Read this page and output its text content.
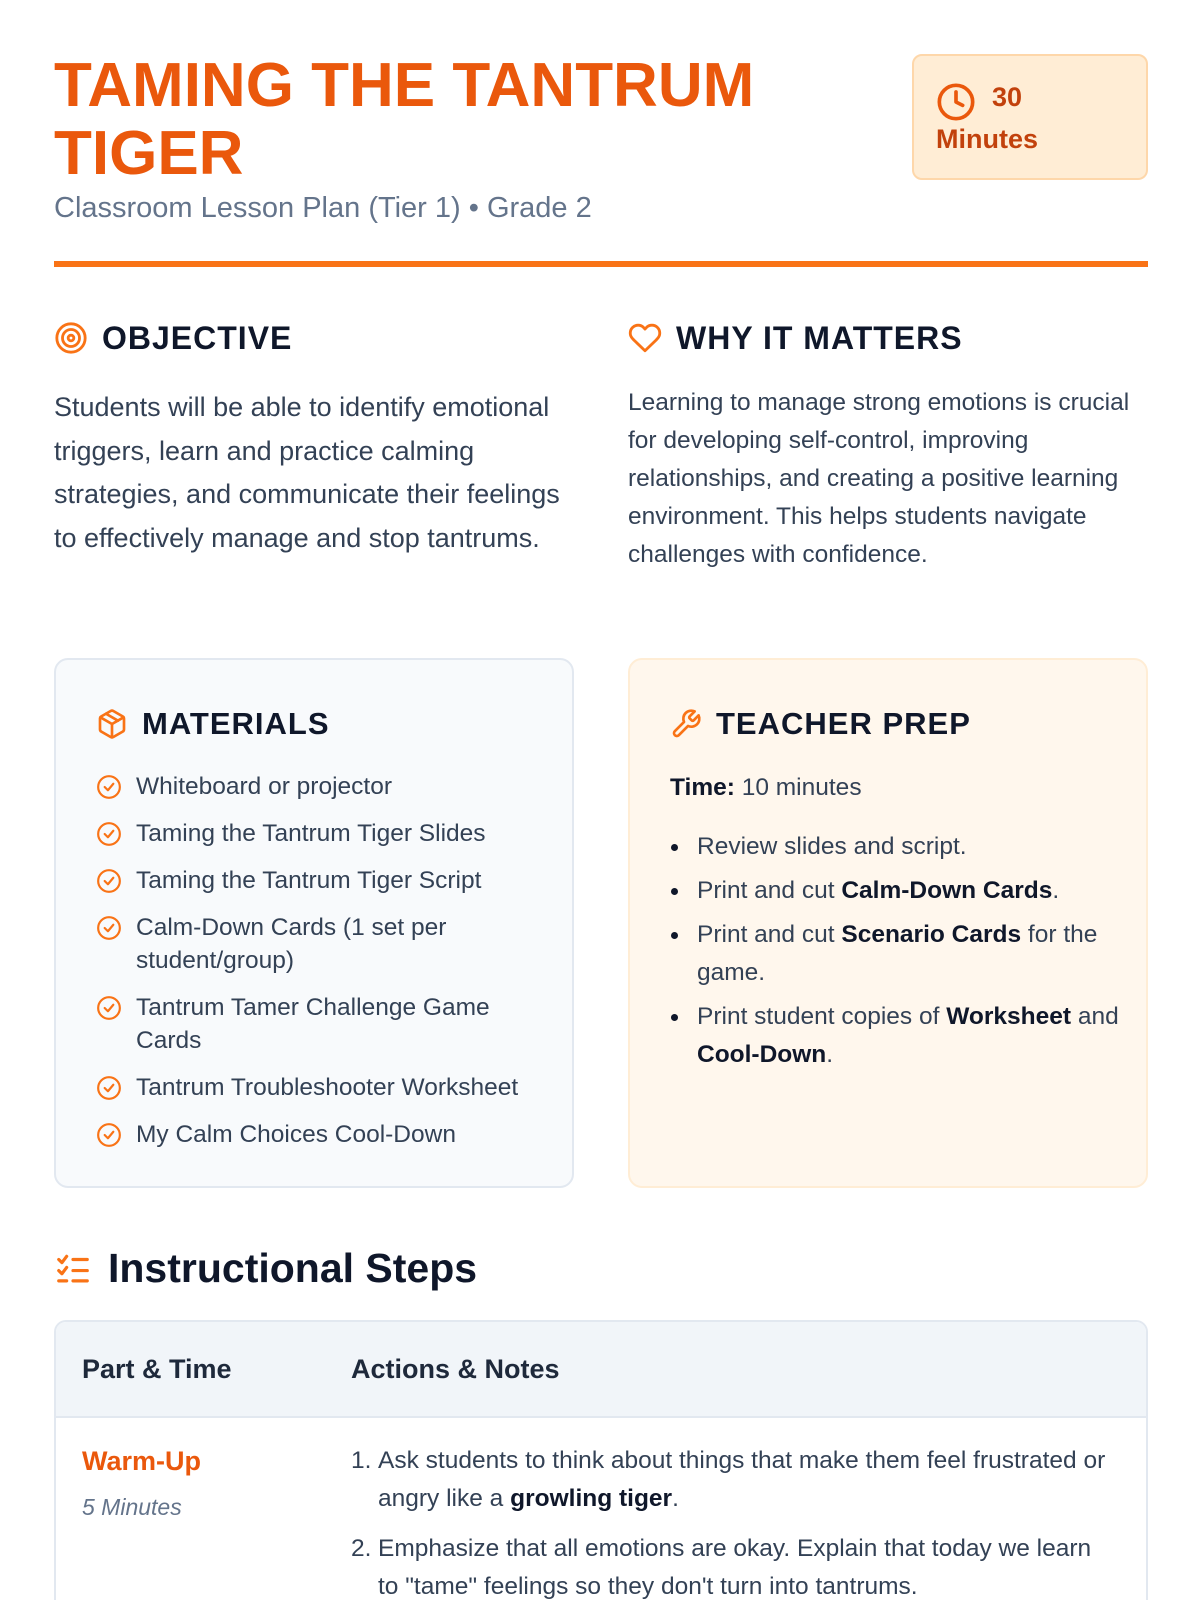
TAMING THE TANTRUM
TIGER
Classroom Lesson Plan (Tier 1) • Grade 2
30
Minutes
OBJECTIVE

Students will be able to identify emotional triggers, learn and practice calming strategies, and communicate their feelings to effectively manage and stop tantrums.

WHY IT MATTERS

Learning to manage strong emotions is crucial for developing self-control, improving relationships, and creating a positive learning environment. This helps students navigate challenges with confidence.

MATERIALS
Whiteboard or projector
Taming the Tantrum Tiger Slides
Taming the Tantrum Tiger Script
Calm-Down Cards (1 set per student/group)
Tantrum Tamer Challenge Game Cards
Tantrum Troubleshooter Worksheet
My Calm Choices Cool-Down
TEACHER PREP
Time: 10 minutes
Review slides and script.
Print and cut Calm-Down Cards.
Print and cut Scenario Cards for the game.
Print student copies of Worksheet and Cool-Down.
Instructional Steps
Part & Time	Actions & Notes
Warm-Up
5 Minutes
1. Ask students to think about things that make them feel frustrated or angry like a growling tiger.
2. Emphasize that all emotions are okay. Explain that today we learn to "tame" feelings so they don't turn into tantrums.
